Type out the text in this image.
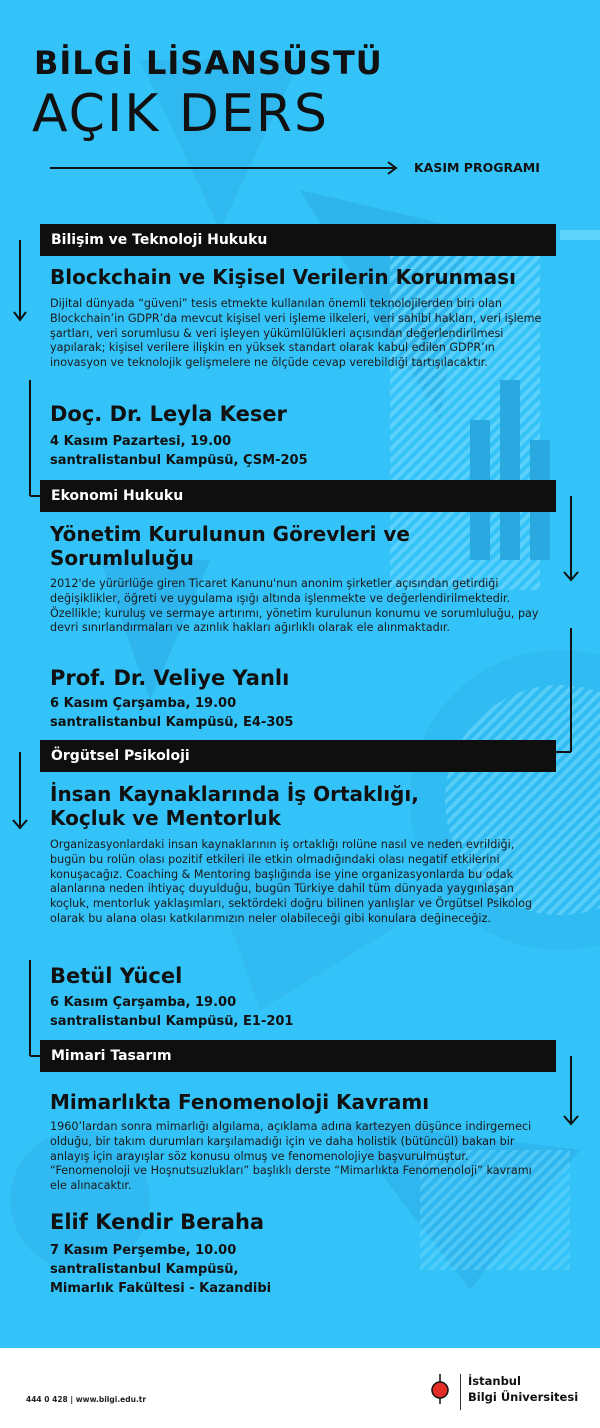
BİLGİ LİSANSÜSTÜ
AÇIK DERS
KASIM PROGRAMI
Bilişim ve Teknoloji Hukuku
Blockchain ve Kişisel Verilerin Korunması
Dijital dünyada “güveni” tesis etmekte kullanılan önemli teknolojilerden biri olan Blockchain’in GDPR’da mevcut kişisel veri işleme ilkeleri, veri sahibi hakları, veri işleme şartları, veri sorumlusu & veri işleyen yükümlülükleri açısından değerlendirilmesi yapılarak; kişisel verilere ilişkin en yüksek standart olarak kabul edilen GDPR’ın inovasyon ve teknolojik gelişmelere ne ölçüde cevap verebildiği tartışılacaktır.
Doç. Dr. Leyla Keser
4 Kasım Pazartesi, 19.00
santralistanbul Kampüsü, ÇSM-205
Ekonomi Hukuku
Yönetim Kurulunun Görevleri ve
Sorumluluğu
2012'de yürürlüğe giren Ticaret Kanunu'nun anonim şirketler açısından getirdiği değişiklikler, öğreti ve uygulama ışığı altında işlenmekte ve değerlendirilmektedir. Özellikle; kuruluş ve sermaye artırımı, yönetim kurulunun konumu ve sorumluluğu, pay devri sınırlandırmaları ve azınlık hakları ağırlıklı olarak ele alınmaktadır.
Prof. Dr. Veliye Yanlı
6 Kasım Çarşamba, 19.00
santralistanbul Kampüsü, E4-305
Örgütsel Psikoloji
İnsan Kaynaklarında İş Ortaklığı,
Koçluk ve Mentorluk
Organizasyonlardaki insan kaynaklarının iş ortaklığı rolüne nasıl ve neden evrildiği, bugün bu rolün olası pozitif etkileri ile etkin olmadığındaki olası negatif etkilerini konuşacağız. Coaching & Mentoring başlığında ise yine organizasyonlarda bu odak alanlarına neden ihtiyaç duyulduğu, bugün Türkiye dahil tüm dünyada yaygınlaşan koçluk, mentorluk yaklaşımları, sektördeki doğru bilinen yanlışlar ve Örgütsel Psikolog olarak bu alana olası katkılarımızın neler olabileceği gibi konulara değineceğiz.
Betül Yücel
6 Kasım Çarşamba, 19.00
santralistanbul Kampüsü, E1-201
Mimari Tasarım
Mimarlıkta Fenomenoloji Kavramı
1960’lardan sonra mimarlığı algılama, açıklama adına kartezyen düşünce indirgemeci olduğu, bir takım durumları karşılamadığı için ve daha holistik (bütüncül) bakan bir anlayış için arayışlar söz konusu olmuş ve fenomenolojiye başvurulmuştur. “Fenomenoloji ve Hoşnutsuzlukları” başlıklı derste “Mimarlıkta Fenomenoloji” kavramı ele alınacaktır.
Elif Kendir Beraha
7 Kasım Perşembe, 10.00
santralistanbul Kampüsü,
Mimarlık Fakültesi - Kazandibi
444 0 428 | www.bilgi.edu.tr
İstanbul
Bilgi Üniversitesi
